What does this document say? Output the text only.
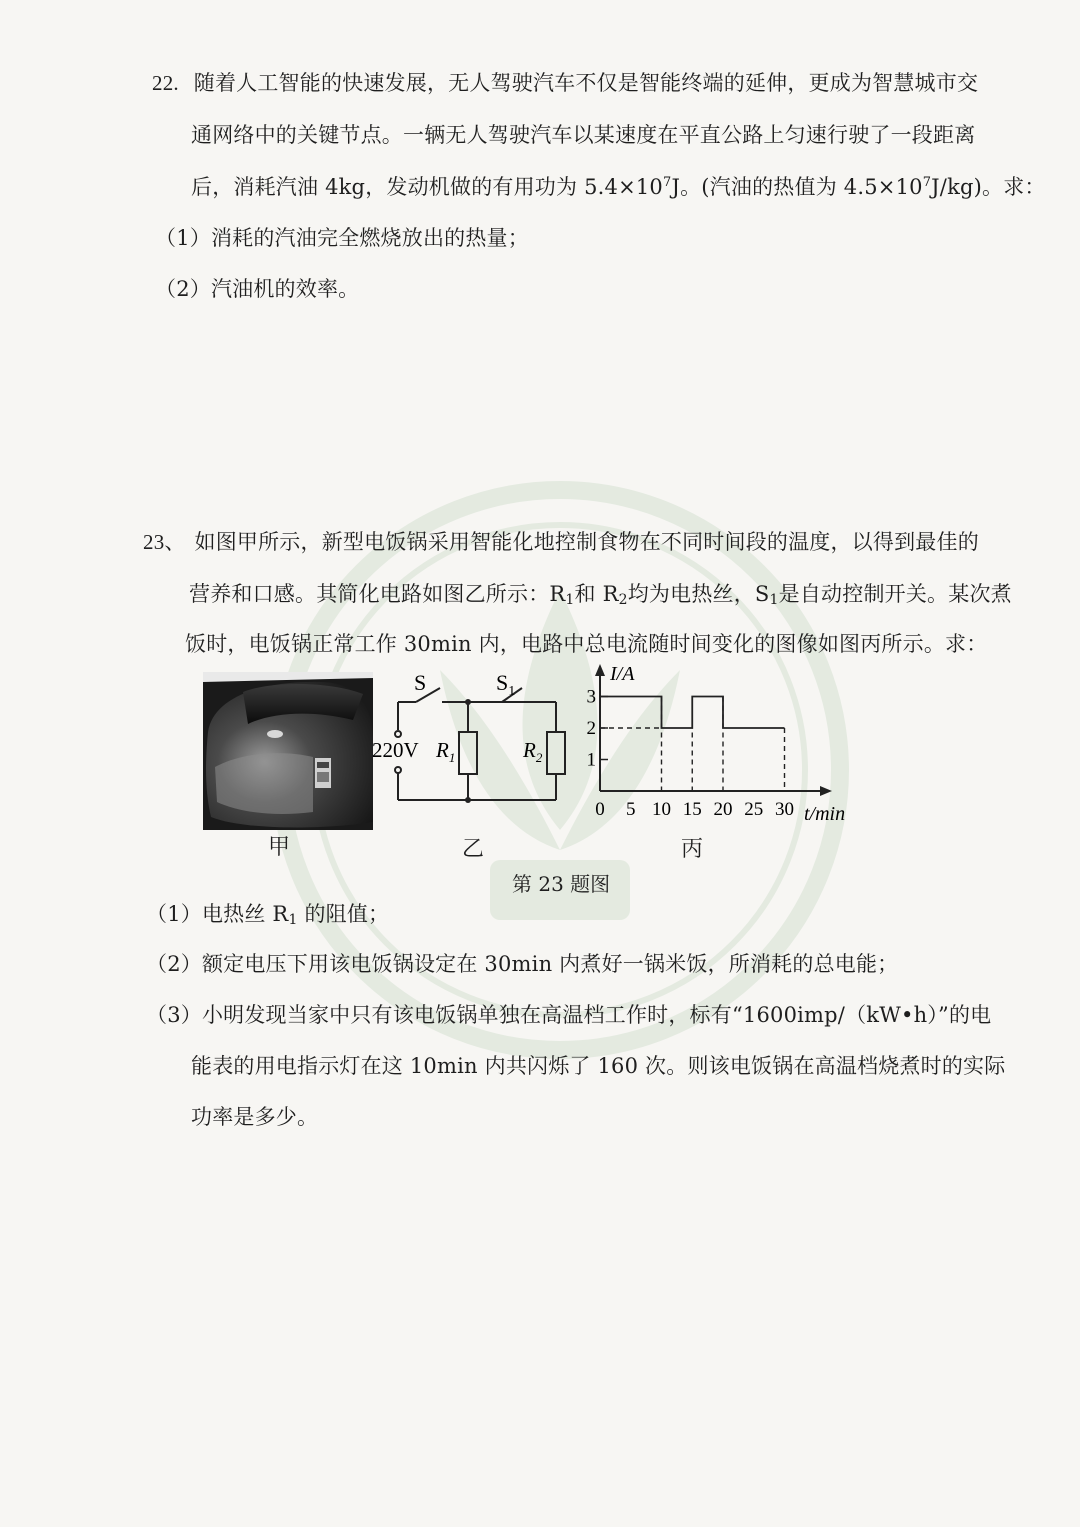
22. 随着人工智能的快速发展，无人驾驶汽车不仅是智能终端的延伸，更成为智慧城市交
通网络中的关键节点。一辆无人驾驶汽车以某速度在平直公路上匀速行驶了一段距离
后，消耗汽油 4kg，发动机做的有用功为 $5.4\times 10^7J$。(汽油的热值为 $4.5\times 10^7J/kg$)。求：
（1）消耗的汽油完全燃烧放出的热量；
（2）汽油机的效率。
23、 如图甲所示，新型电饭锅采用智能化地控制食物在不同时间段的温度，以得到最佳的
营养和口感。其简化电路如图乙所示：$R_1$和 $R_2$均为电热丝，$S_1$是自动控制开关。某次煮
饭时，电饭锅正常工作 30min 内，电路中总电流随时间变化的图像如图丙所示。求：
S	$S_1$
220V $R_1$	$R_2$
t/min
I/A
0 5 10 15 20 25 30
1
2
3
甲	乙	丙
第 23 题图
（1）电热丝 $R_1$ 的阻值；
（2）额定电压下用该电饭锅设定在 30min 内煮好一锅米饭，所消耗的总电能；
（3）小明发现当家中只有该电饭锅单独在高温档工作时，标有“1600imp/（kW•h）”的电
能表的用电指示灯在这 10min 内共闪烁了 160 次。则该电饭锅在高温档烧煮时的实际
功率是多少。
